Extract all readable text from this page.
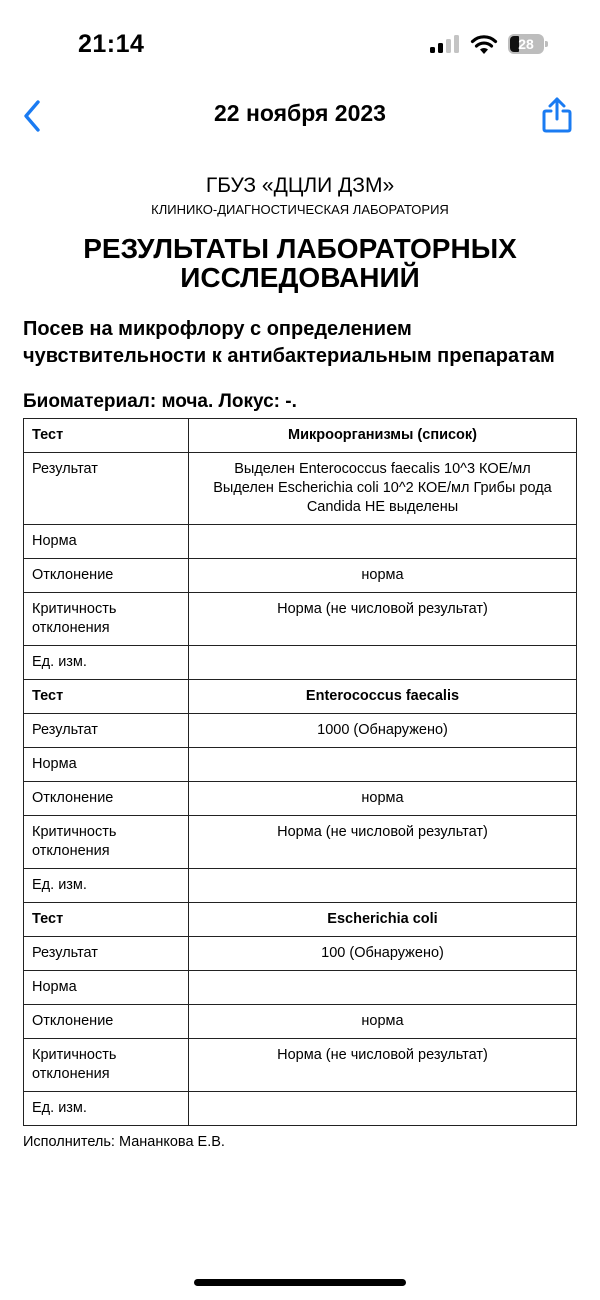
21:14	28
22 ноября 2023
ГБУЗ «ДЦЛИ ДЗМ»
КЛИНИКО-ДИАГНОСТИЧЕСКАЯ ЛАБОРАТОРИЯ
РЕЗУЛЬТАТЫ ЛАБОРАТОРНЫХ
ИССЛЕДОВАНИЙ
Посев на микрофлору с определением чувствительности к антибактериальным препаратам
Биоматериал: моча. Локус: -.
Тест	Микроорганизмы (список)
Результат	Выделен Enterococcus faecalis 10^3 КОЕ/мл
Выделен Escherichia coli 10^2 КОЕ/мл Грибы рода Candida НЕ выделены

Норма	
Отклонение	норма
Критичность отклонения	Норма (не числовой результат)
Ед. изм.	
Тест	Enterococcus faecalis
Результат	1000 (Обнаружено)
Норма	
Отклонение	норма
Критичность отклонения	Норма (не числовой результат)
Ед. изм.	
Тест	Escherichia coli
Результат	100 (Обнаружено)
Норма	
Отклонение	норма
Критичность отклонения	Норма (не числовой результат)
Ед. изм.	
Исполнитель: Мананкова Е.В.
